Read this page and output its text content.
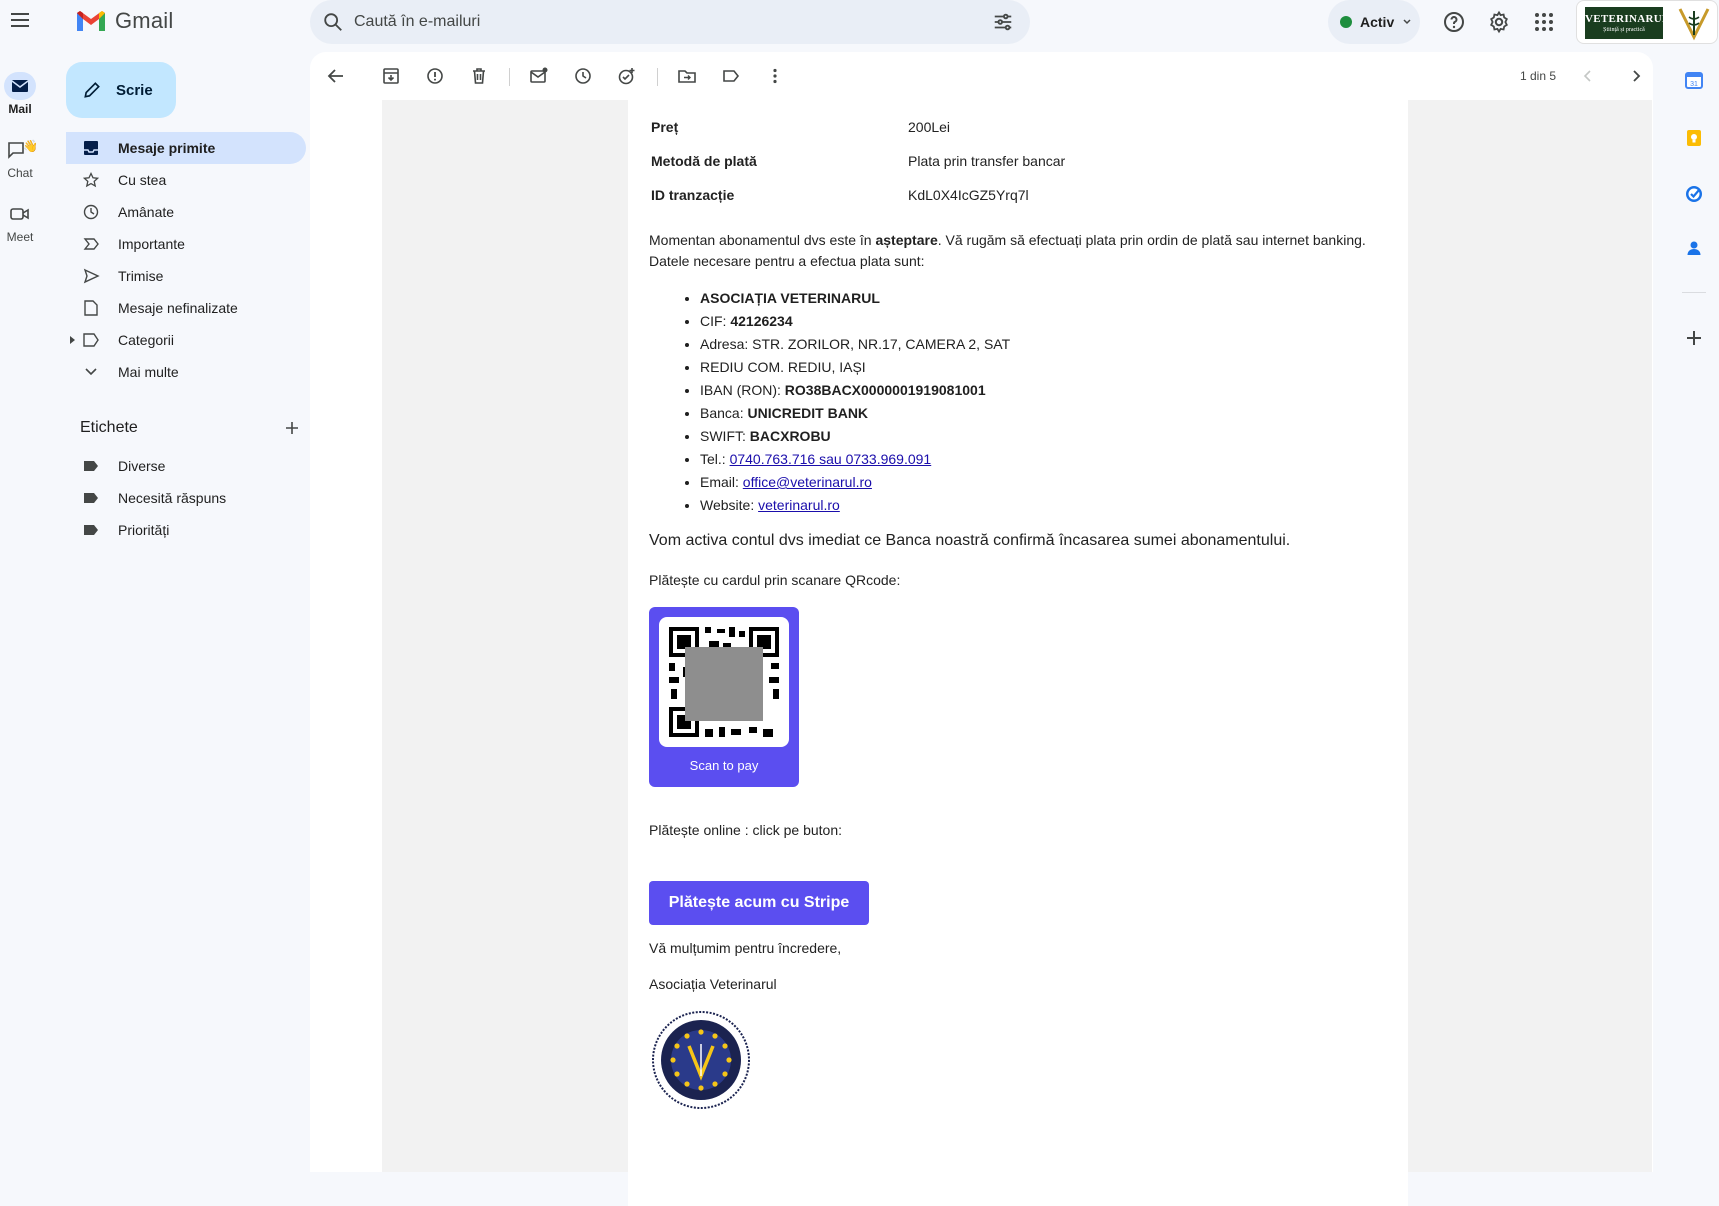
Gmail
Caută în e-mailuri	Activ	VETERINARUL
Știință și practică
Mail
👋
Chat
Meet
Scrie
Mesaje primite
Cu stea
Amânate
Importante
Trimise
Mesaje nefinalizate
Categorii
Mai multe
Etichete
Diverse
Necesită răspuns
Priorități
1 din 5
Preț	200Lei
Metodă de plată	Plata prin transfer bancar
ID tranzacție	KdL0X4IcGZ5Yrq7l
Momentan abonamentul dvs este în așteptare. Vă rugăm să efectuați plata prin ordin de plată sau internet banking.
Datele necesare pentru a efectua plata sunt:
• ASOCIAȚIA VETERINARUL
• CIF: 42126234
• Adresa: STR. ZORILOR, NR.17, CAMERA 2, SAT
• REDIU COM. REDIU, IAȘI
• IBAN (RON): RO38BACX0000001919081001
• Banca: UNICREDIT BANK
• SWIFT: BACXROBU
• Tel.: 0740.763.716 sau 0733.969.091
• Email: office@veterinarul.ro
• Website: veterinarul.ro
Vom activa contul dvs imediat ce Banca noastră confirmă încasarea sumei abonamentului.
Plătește cu cardul prin scanare QRcode:
Scan to pay
Plătește online : click pe buton:
Plătește acum cu Stripe
Vă mulțumim pentru încredere,
Asociația Veterinarul
31
